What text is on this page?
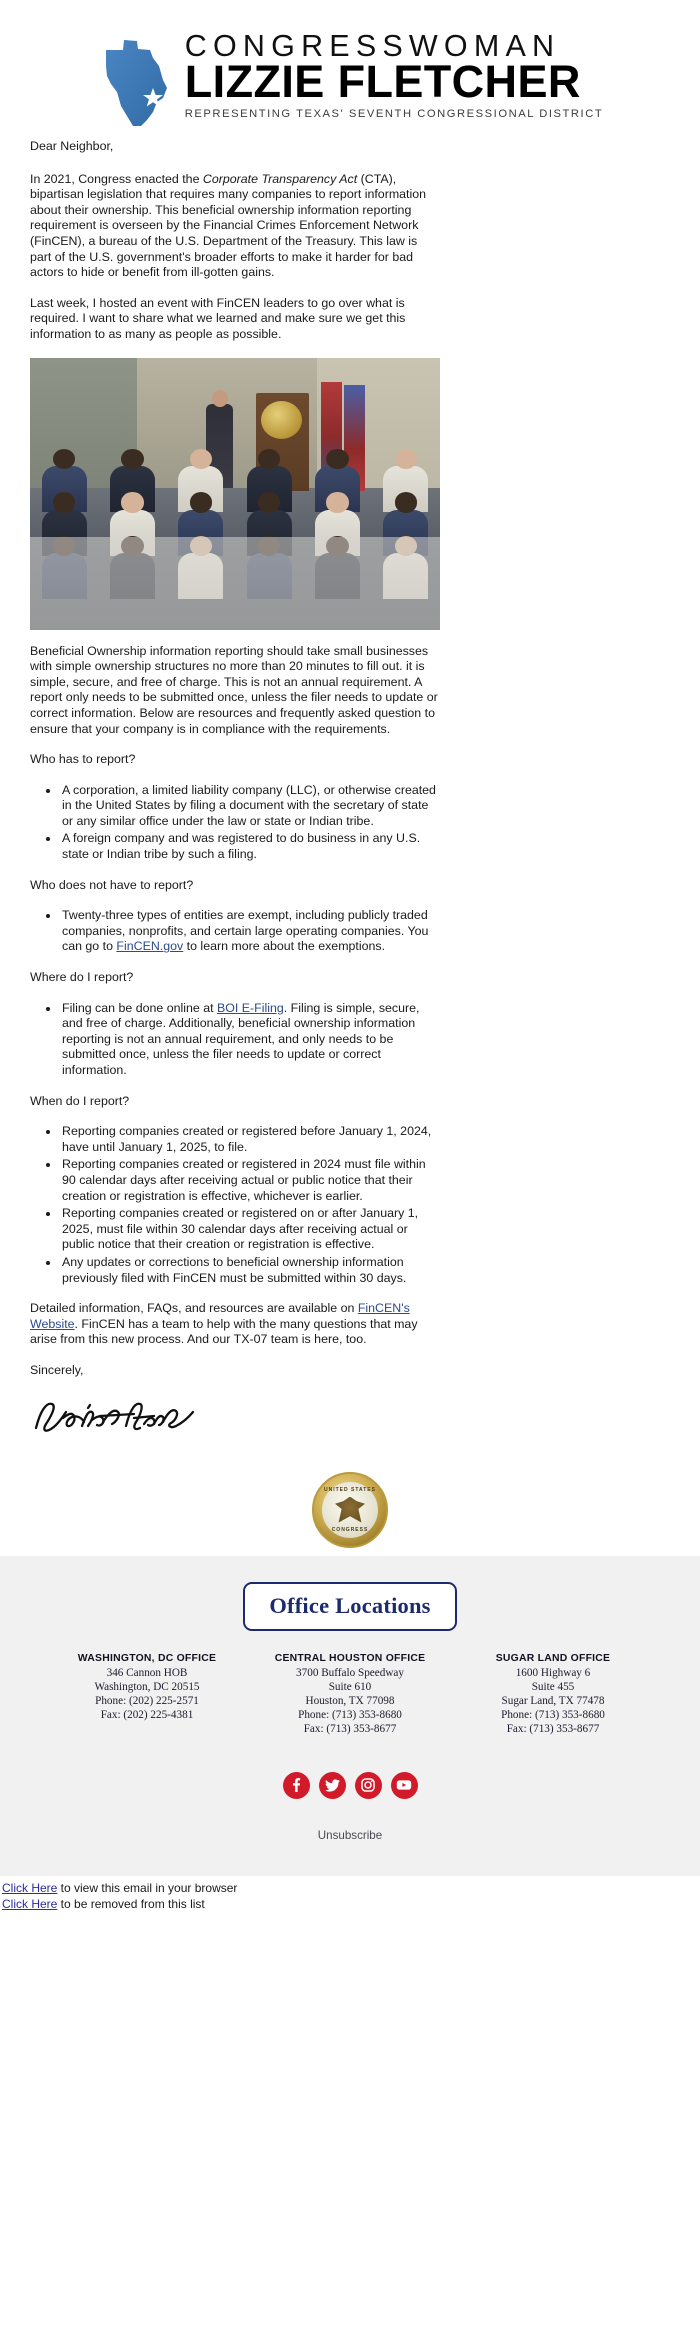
CONGRESSWOMAN
LIZZIE FLETCHER
REPRESENTING TEXAS' SEVENTH CONGRESSIONAL DISTRICT

Dear Neighbor,

In 2021, Congress enacted the Corporate Transparency Act (CTA), bipartisan legislation that requires many companies to report information about their ownership. This beneficial ownership information reporting requirement is overseen by the Financial Crimes Enforcement Network (FinCEN), a bureau of the U.S. Department of the Treasury. This law is part of the U.S. government's broader efforts to make it harder for bad actors to hide or benefit from ill-gotten gains.

Last week, I hosted an event with FinCEN leaders to go over what is required. I want to share what we learned and make sure we get this information to as many as people as possible.

Beneficial Ownership information reporting should take small businesses with simple ownership structures no more than 20 minutes to fill out. it is simple, secure, and free of charge. This is not an annual requirement. A report only needs to be submitted once, unless the filer needs to update or correct information. Below are resources and frequently asked question to ensure that your company is in compliance with the requirements.

Who has to report?

• A corporation, a limited liability company (LLC), or otherwise created in the United States by filing a document with the secretary of state or any similar office under the law or state or Indian tribe.
• A foreign company and was registered to do business in any U.S. state or Indian tribe by such a filing.

Who does not have to report?

• Twenty-three types of entities are exempt, including publicly traded companies, nonprofits, and certain large operating companies. You can go to FinCEN.gov to learn more about the exemptions.

Where do I report?

• Filing can be done online at BOI E-Filing. Filing is simple, secure, and free of charge. Additionally, beneficial ownership information reporting is not an annual requirement, and only needs to be submitted once, unless the filer needs to update or correct information.

When do I report?

• Reporting companies created or registered before January 1, 2024, have until January 1, 2025, to file.
• Reporting companies created or registered in 2024 must file within 90 calendar days after receiving actual or public notice that their creation or registration is effective, whichever is earlier.
• Reporting companies created or registered on or after January 1, 2025, must file within 30 calendar days after receiving actual or public notice that their creation or registration is effective.
• Any updates or corrections to beneficial ownership information previously filed with FinCEN must be submitted within 30 days.

Detailed information, FAQs, and resources are available on FinCEN's Website. FinCEN has a team to help with the many questions that may arise from this new process. And our TX-07 team is here, too.

Sincerely,

UNITED STATES
CONGRESS
Office Locations
WASHINGTON, DC OFFICE
346 Cannon HOB
Washington, DC 20515
Phone: (202) 225-2571
Fax: (202) 225-4381
CENTRAL HOUSTON OFFICE
3700 Buffalo Speedway
Suite 610
Houston, TX 77098
Phone: (713) 353-8680
Fax: (713) 353-8677
SUGAR LAND OFFICE
1600 Highway 6
Suite 455
Sugar Land, TX 77478
Phone: (713) 353-8680
Fax: (713) 353-8677
Unsubscribe
Click Here to view this email in your browser
Click Here to be removed from this list
